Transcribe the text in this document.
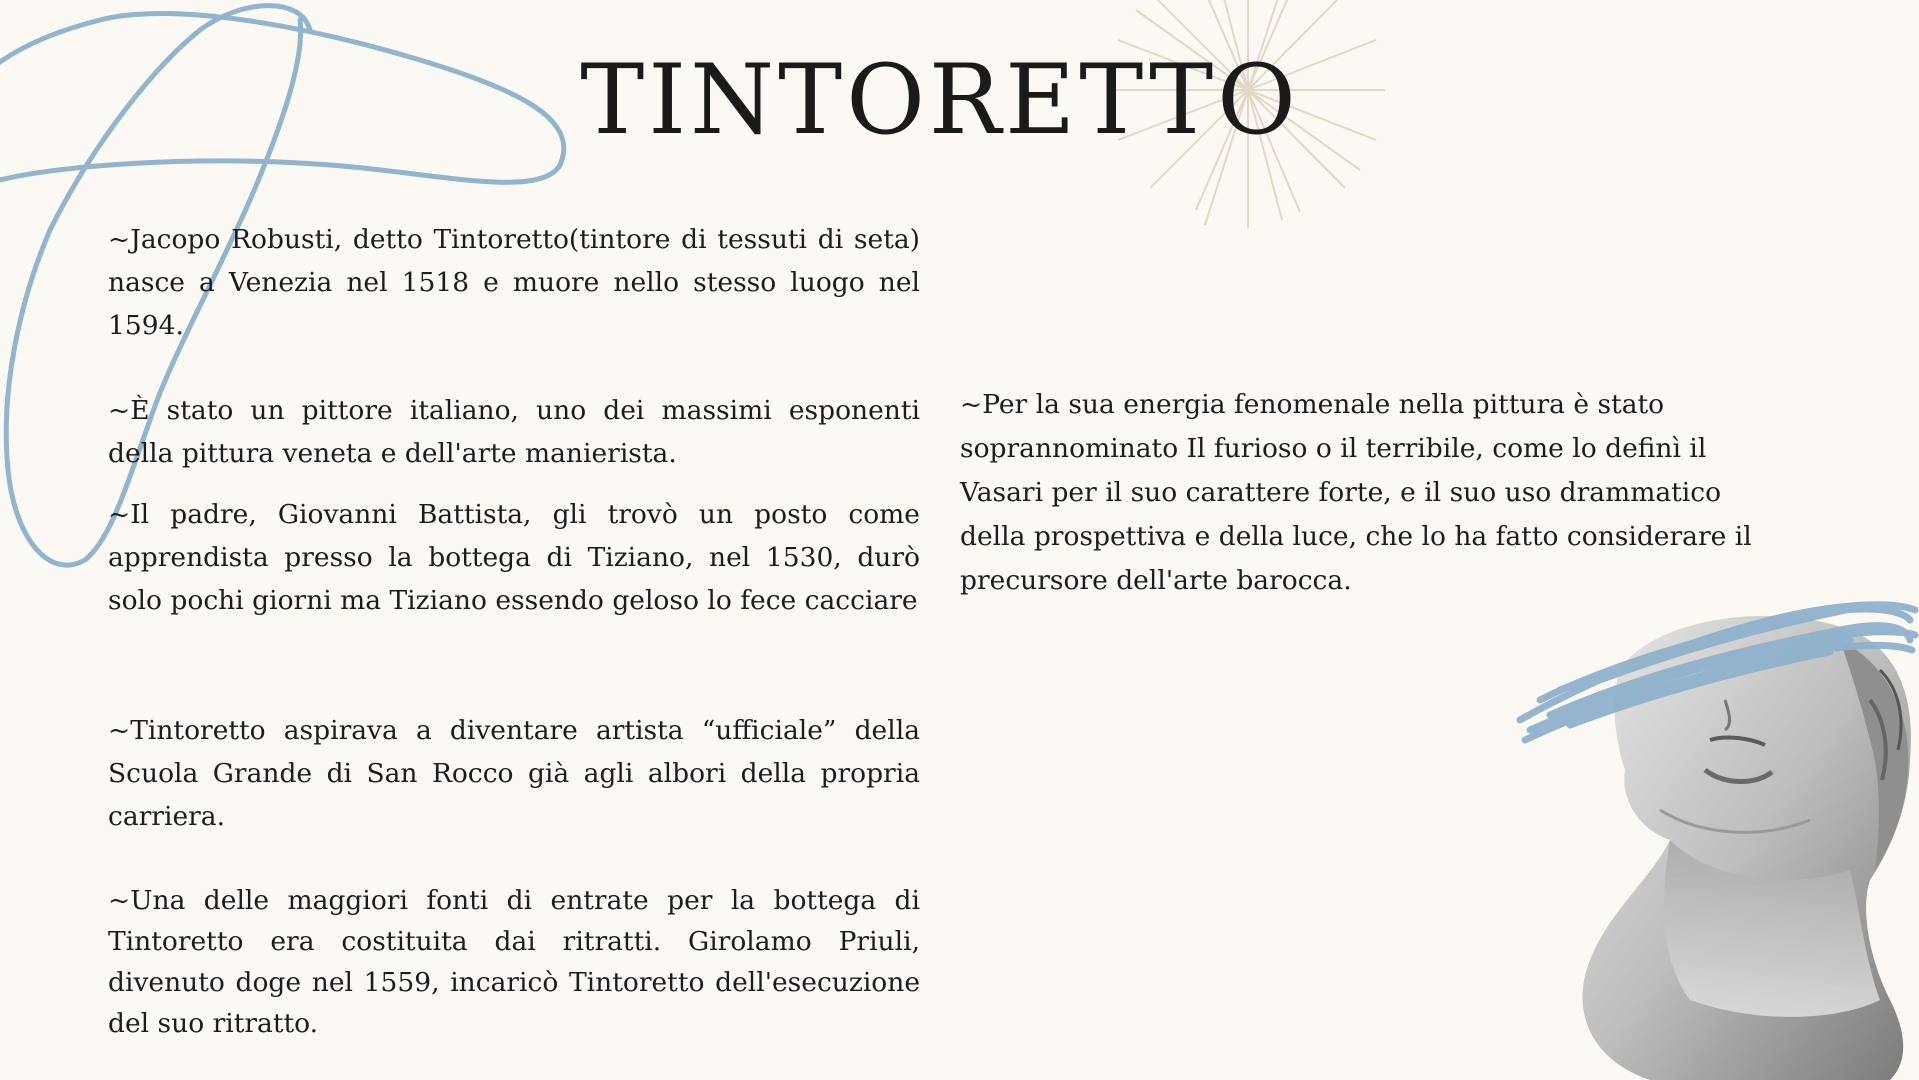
TINTORETTO

~Jacopo Robusti, detto Tintoretto(tintore di tessuti di seta) nasce a Venezia nel 1518 e muore nello stesso luogo nel 1594.

~È stato un pittore italiano, uno dei massimi esponenti della pittura veneta e dell'arte manierista.

~Il padre, Giovanni Battista, gli trovò un posto come apprendista presso la bottega di Tiziano, nel 1530, durò solo pochi giorni ma Tiziano essendo geloso lo fece cacciare

~Tintoretto aspirava a diventare artista “ufficiale” della Scuola Grande di San Rocco già agli albori della propria carriera.

~Una delle maggiori fonti di entrate per la bottega di Tintoretto era costituita dai ritratti. Girolamo Priuli, divenuto doge nel 1559, incaricò Tintoretto dell'esecuzione del suo ritratto.

~Per la sua energia fenomenale nella pittura è stato soprannominato Il furioso o il terribile, come lo definì il Vasari per il suo carattere forte, e il suo uso drammatico della prospettiva e della luce, che lo ha fatto considerare il precursore dell'arte barocca.
